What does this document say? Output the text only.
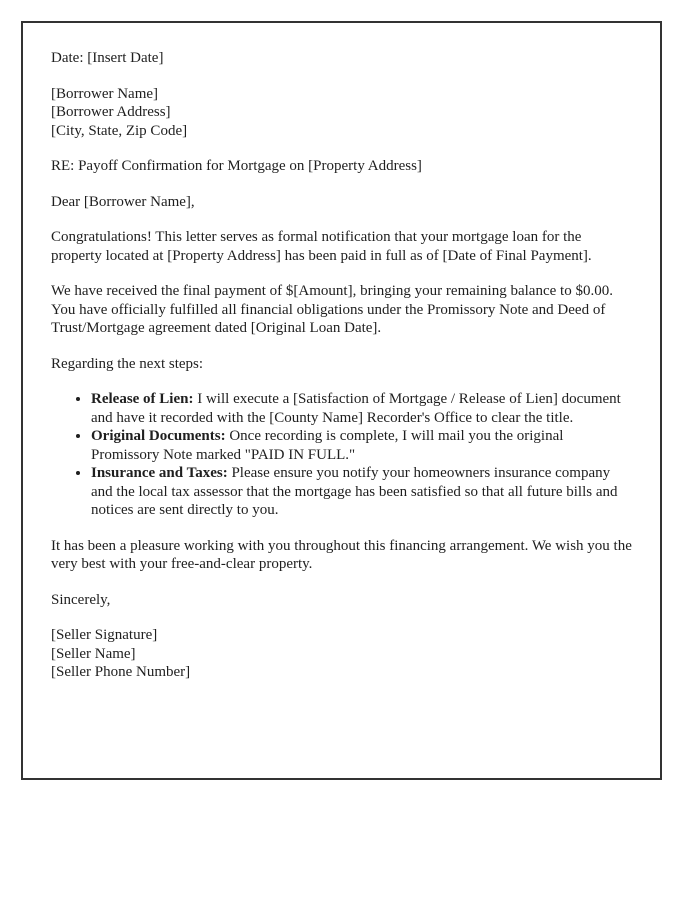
Date: [Insert Date]

[Borrower Name]
[Borrower Address]
[City, State, Zip Code]

RE: Payoff Confirmation for Mortgage on [Property Address]

Dear [Borrower Name],

Congratulations! This letter serves as formal notification that your mortgage loan for the property located at [Property Address] has been paid in full as of [Date of Final Payment].

We have received the final payment of $[Amount], bringing your remaining balance to $0.00. You have officially fulfilled all financial obligations under the Promissory Note and Deed of Trust/Mortgage agreement dated [Original Loan Date].

Regarding the next steps:

• Release of Lien: I will execute a [Satisfaction of Mortgage / Release of Lien] document and have it recorded with the [County Name] Recorder's Office to clear the title.
• Original Documents: Once recording is complete, I will mail you the original Promissory Note marked "PAID IN FULL."
• Insurance and Taxes: Please ensure you notify your homeowners insurance company and the local tax assessor that the mortgage has been satisfied so that all future bills and notices are sent directly to you.

It has been a pleasure working with you throughout this financing arrangement. We wish you the very best with your free-and-clear property.

Sincerely,

[Seller Signature]
[Seller Name]
[Seller Phone Number]
